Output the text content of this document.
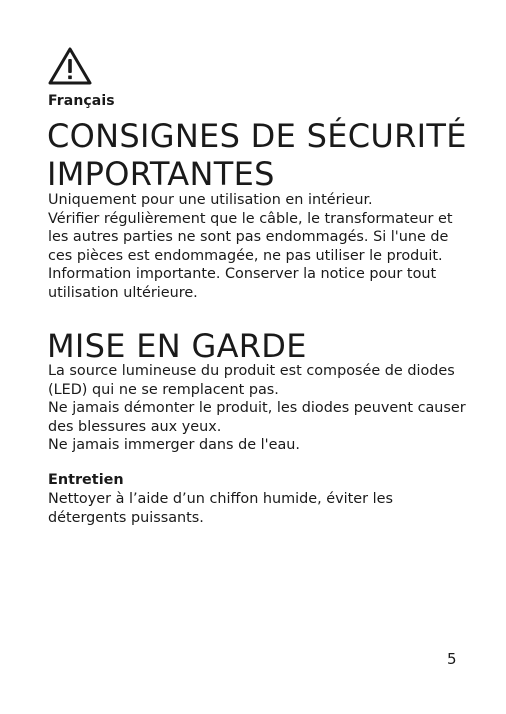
Français
CONSIGNES DE SÉCURITÉ
IMPORTANTES

Uniquement pour une utilisation en intérieur.

Vérifier régulièrement que le câble, le transformateur et les autres parties ne sont pas endommagés. Si l'une de ces pièces est endommagée, ne pas utiliser le produit.

Information importante. Conserver la notice pour tout utilisation ultérieure.

MISE EN GARDE

La source lumineuse du produit est composée de diodes (LED) qui ne se remplacent pas.

Ne jamais démonter le produit, les diodes peuvent causer des blessures aux yeux.

Ne jamais immerger dans de l'eau.

Entretien

Nettoyer à l’aide d’un chiffon humide, éviter les détergents puissants.

5
